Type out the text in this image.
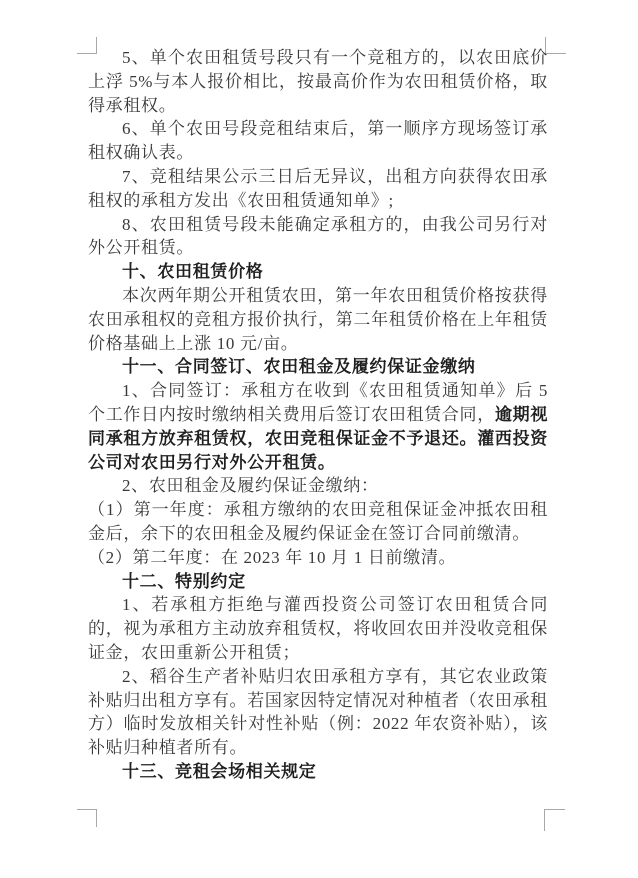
5、单个农田租赁号段只有一个竞租方的，以农田底价上浮 5%与本人报价相比，按最高价作为农田租赁价格，取得承租权。

6、单个农田号段竞租结束后，第一顺序方现场签订承租权确认表。

7、竞租结果公示三日后无异议，出租方向获得农田承租权的承租方发出《农田租赁通知单》;

8、农田租赁号段未能确定承租方的，由我公司另行对外公开租赁。

十、农田租赁价格

本次两年期公开租赁农田，第一年农田租赁价格按获得农田承租权的竞租方报价执行，第二年租赁价格在上年租赁价格基础上上涨 10 元/亩。

十一、合同签订、农田租金及履约保证金缴纳

1、合同签订：承租方在收到《农田租赁通知单》后 5 个工作日内按时缴纳相关费用后签订农田租赁合同，逾期视同承租方放弃租赁权，农田竞租保证金不予退还。灌西投资公司对农田另行对外公开租赁。

2、农田租金及履约保证金缴纳：

（1）第一年度：承租方缴纳的农田竞租保证金冲抵农田租金后，余下的农田租金及履约保证金在签订合同前缴清。

（2）第二年度：在 2023 年 10 月 1 日前缴清。

十二、特别约定

1、若承租方拒绝与灌西投资公司签订农田租赁合同的，视为承租方主动放弃租赁权，将收回农田并没收竞租保证金，农田重新公开租赁；

2、稻谷生产者补贴归农田承租方享有，其它农业政策补贴归出租方享有。若国家因特定情况对种植者（农田承租方）临时发放相关针对性补贴（例：2022 年农资补贴），该补贴归种植者所有。

十三、竞租会场相关规定
